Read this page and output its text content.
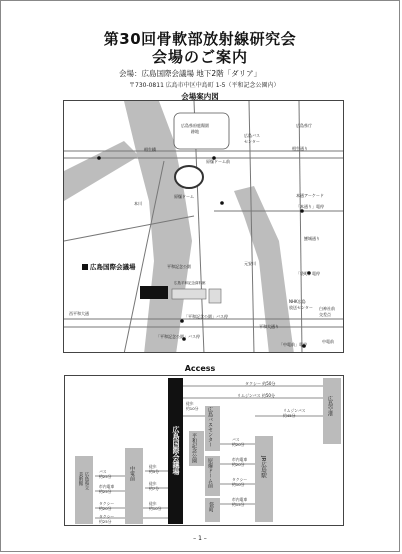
第30回骨軟部放射線研究会
会場のご案内
会場：広島国際会議場 地下2階「ダリア」
〒730-0811 広島市中区中島町 1-5（平和記念公園内）
会場案内図
広島県府庭陽園
跡地
広島バス
センター
広島県庁
相生通り
相生橋
原爆ドーム前
原爆ドーム	本通アーケード
「本通り」電停
本川
元安川
鯉城通り
平和記念公園
広島国際会議場
広島平和記念資料館
「袋町」電停
NHK広島
放送センター 白神社前
交差点
西平和大通
「平和記念公園」バス停
平和大通り
「平和記念公園」バス停
「中電前」電停
中電前
Access
広島国際会議場	広島バスセンター
平和記念公園
原爆ドーム前
袋町
JR広島駅
中電前
広島空港
広島県立
美術館
タクシー 約50分
リムジンバス 約50分
徒歩
約10分	リムジンバス
約45分
バス
約20分
市内電車
約20分
タクシー
約10分
市内電車
約15分
徒歩
約5分
徒歩
約7分
バス
約25分
市内電車
約25分
タクシー
約20分
徒歩
約10分
タクシー
約25分
– 1 –
